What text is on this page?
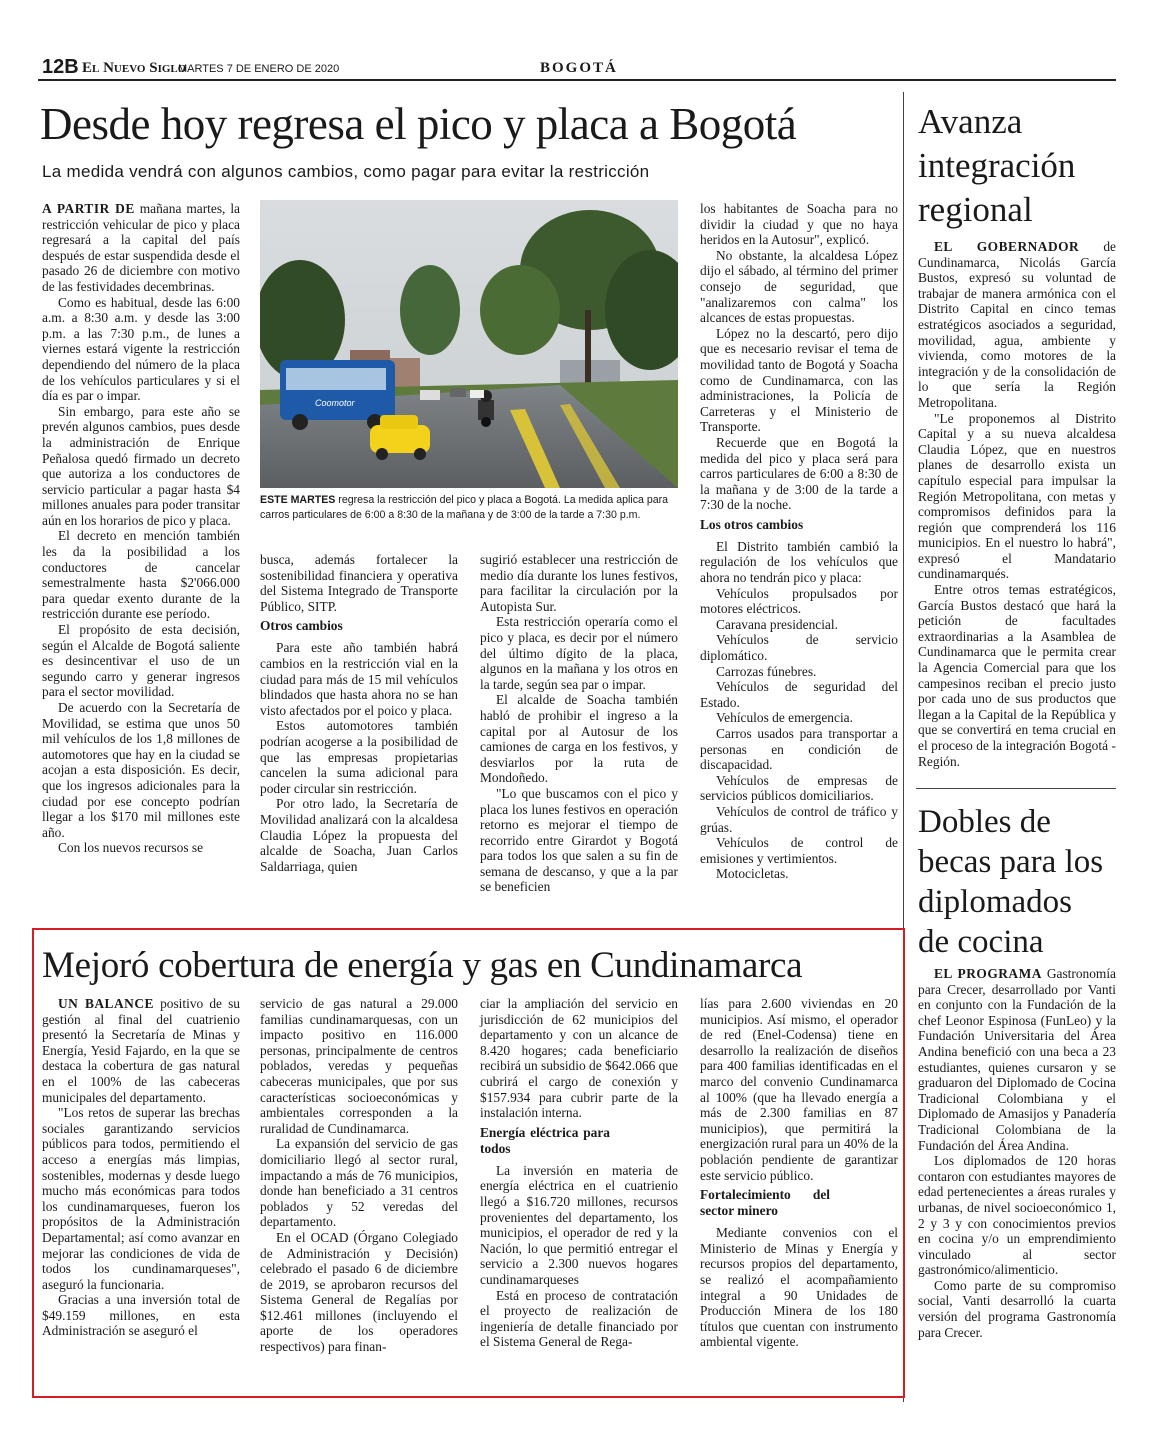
12B El Nuevo Siglo
MARTES 7 DE ENERO DE 2020	BOGOTÁ
Desde hoy regresa el pico y placa a Bogotá
La medida vendrá con algunos cambios, como pagar para evitar la restricción

A PARTIR DE mañana martes, la restricción vehicular de pico y placa regresará a la capital del país después de estar suspendida desde el pasado 26 de diciembre con motivo de las festividades decembrinas.

Como es habitual, desde las 6:00 a.m. a 8:30 a.m. y desde las 3:00 p.m. a las 7:30 p.m., de lunes a viernes estará vigente la restricción dependiendo del número de la placa de los vehículos particulares y si el día es par o impar.

Sin embargo, para este año se prevén algunos cambios, pues desde la administración de Enrique Peñalosa quedó firmado un decreto que autoriza a los conductores de servicio particular a pagar hasta $4 millones anuales para poder transitar aún en los horarios de pico y placa.

El decreto en mención también les da la posibilidad a los conductores de cancelar semestralmente hasta $2'066.000 para quedar exento durante de la restricción durante ese período.

El propósito de esta decisión, según el Alcalde de Bogotá saliente es desincentivar el uso de un segundo carro y generar ingresos para el sector movilidad.

De acuerdo con la Secretaría de Movilidad, se estima que unos 50 mil vehículos de los 1,8 millones de automotores que hay en la ciudad se acojan a esta disposición. Es decir, que los ingresos adicionales para la ciudad por ese concepto podrían llegar a los $170 mil millones este año.

Con los nuevos recursos se

Coomotor
ESTE MARTES regresa la restricción del pico y placa a Bogotá. La medida aplica para carros particulares de 6:00 a 8:30 de la mañana y de 3:00 de la tarde a 7:30 p.m.

busca, además fortalecer la sostenibilidad financiera y operativa del Sistema Integrado de Transporte Público, SITP.

Otros cambios

Para este año también habrá cambios en la restricción vial en la ciudad para más de 15 mil vehículos blindados que hasta ahora no se han visto afectados por el poico y placa.

Estos automotores también podrían acogerse a la posibilidad de que las empresas propietarias cancelen la suma adicional para poder circular sin restricción.

Por otro lado, la Secretaría de Movilidad analizará con la alcaldesa Claudia López la propuesta del alcalde de Soacha, Juan Carlos Saldarriaga, quien

sugirió establecer una restricción de medio día durante los lunes festivos, para facilitar la circulación por la Autopista Sur.

Esta restricción operaría como el pico y placa, es decir por el número del último dígito de la placa, algunos en la mañana y los otros en la tarde, según sea par o impar.

El alcalde de Soacha también habló de prohibir el ingreso a la capital por al Autosur de los camiones de carga en los festivos, y desviarlos por la ruta de Mondoñedo.

"Lo que buscamos con el pico y placa los lunes festivos en operación retorno es mejorar el tiempo de recorrido entre Girardot y Bogotá para todos los que salen a su fin de semana de descanso, y que a la par se beneficien

los habitantes de Soacha para no dividir la ciudad y que no haya heridos en la Autosur", explicó.

No obstante, la alcaldesa López dijo el sábado, al término del primer consejo de seguridad, que "analizaremos con calma" los alcances de estas propuestas.

López no la descartó, pero dijo que es necesario revisar el tema de movilidad tanto de Bogotá y Soacha como de Cundinamarca, con las administraciones, la Policía de Carreteras y el Ministerio de Transporte.

Recuerde que en Bogotá la medida del pico y placa será para carros particulares de 6:00 a 8:30 de la mañana y de 3:00 de la tarde a 7:30 de la noche.

Los otros cambios

El Distrito también cambió la regulación de los vehículos que ahora no tendrán pico y placa:

Vehículos propulsados por motores eléctricos.

Caravana presidencial.

Vehículos de servicio diplomático.

Carrozas fúnebres.

Vehículos de seguridad del Estado.

Vehículos de emergencia.

Carros usados para transportar a personas en condición de discapacidad.

Vehículos de empresas de servicios públicos domiciliarios.

Vehículos de control de tráfico y grúas.

Vehículos de control de emisiones y vertimientos.

Motocicletas.

Avanza
integración
regional

EL GOBERNADOR de Cundinamarca, Nicolás García Bustos, expresó su voluntad de trabajar de manera armónica con el Distrito Capital en cinco temas estratégicos asociados a seguridad, movilidad, agua, ambiente y vivienda, como motores de la integración y de la consolidación de lo que sería la Región Metropolitana.

"Le proponemos al Distrito Capital y a su nueva alcaldesa Claudia López, que en nuestros planes de desarrollo exista un capítulo especial para impulsar la Región Metropolitana, con metas y compromisos definidos para la región que comprenderá los 116 municipios. En el nuestro lo habrá", expresó el Mandatario cundinamarqués.

Entre otros temas estratégicos, García Bustos destacó que hará la petición de facultades extraordinarias a la Asamblea de Cundinamarca que le permita crear la Agencia Comercial para que los campesinos reciban el precio justo por cada uno de sus productos que llegan a la Capital de la República y que se convertirá en tema crucial en el proceso de la integración Bogotá - Región.

Dobles de
becas para los
diplomados
de cocina

EL PROGRAMA Gastronomía para Crecer, desarrollado por Vanti en conjunto con la Fundación de la chef Leonor Espinosa (FunLeo) y la Fundación Universitaria del Área Andina benefició con una beca a 23 estudiantes, quienes cursaron y se graduaron del Diplomado de Cocina Tradicional Colombiana y el Diplomado de Amasijos y Panadería Tradicional Colombiana de la Fundación del Área Andina.

Los diplomados de 120 horas contaron con estudiantes mayores de edad pertenecientes a áreas rurales y urbanas, de nivel socioeconómico 1, 2 y 3 y con conocimientos previos en cocina y/o un emprendimiento vinculado al sector gastronómico/alimenticio.

Como parte de su compromiso social, Vanti desarrolló la cuarta versión del programa Gastronomía para Crecer.

Mejoró cobertura de energía y gas en Cundinamarca

UN BALANCE positivo de su gestión al final del cuatrienio presentó la Secretaría de Minas y Energía, Yesid Fajardo, en la que se destaca la cobertura de gas natural en el 100% de las cabeceras municipales del departamento.

"Los retos de superar las brechas sociales garantizando servicios públicos para todos, permitiendo el acceso a energías más limpias, sostenibles, modernas y desde luego mucho más económicas para todos los cundinamarqueses, fueron los propósitos de la Administración Departamental; así como avanzar en mejorar las condiciones de vida de todos los cundinamarqueses", aseguró la funcionaria.

Gracias a una inversión total de $49.159 millones, en esta Administración se aseguró el

servicio de gas natural a 29.000 familias cundinamarquesas, con un impacto positivo en 116.000 personas, principalmente de centros poblados, veredas y pequeñas cabeceras municipales, que por sus características socioeconómicas y ambientales corresponden a la ruralidad de Cundinamarca.

La expansión del servicio de gas domiciliario llegó al sector rural, impactando a más de 76 municipios, donde han beneficiado a 31 centros poblados y 52 veredas del departamento.

En el OCAD (Órgano Colegiado de Administración y Decisión) celebrado el pasado 6 de diciembre de 2019, se aprobaron recursos del Sistema General de Regalías por $12.461 millones (incluyendo el aporte de los operadores respectivos) para finan-

ciar la ampliación del servicio en jurisdicción de 62 municipios del departamento y con un alcance de 8.420 hogares; cada beneficiario recibirá un subsidio de $642.066 que cubrirá el cargo de conexión y $157.934 para cubrir parte de la instalación interna.

Energía eléctrica para todos

La inversión en materia de energía eléctrica en el cuatrienio llegó a $16.720 millones, recursos provenientes del departamento, los municipios, el operador de red y la Nación, lo que permitió entregar el servicio a 2.300 nuevos hogares cundinamarqueses

Está en proceso de contratación el proyecto de realización de ingeniería de detalle financiado por el Sistema General de Rega-

lías para 2.600 viviendas en 20 municipios. Así mismo, el operador de red (Enel-Codensa) tiene en desarrollo la realización de diseños para 400 familias identificadas en el marco del convenio Cundinamarca al 100% (que ha llevado energía a más de 2.300 familias en 87 municipios), que permitirá la energización rural para un 40% de la población pendiente de garantizar este servicio público.

Fortalecimiento del sector minero

Mediante convenios con el Ministerio de Minas y Energía y recursos propios del departamento, se realizó el acompañamiento integral a 90 Unidades de Producción Minera de los 180 títulos que cuentan con instrumento ambiental vigente.
